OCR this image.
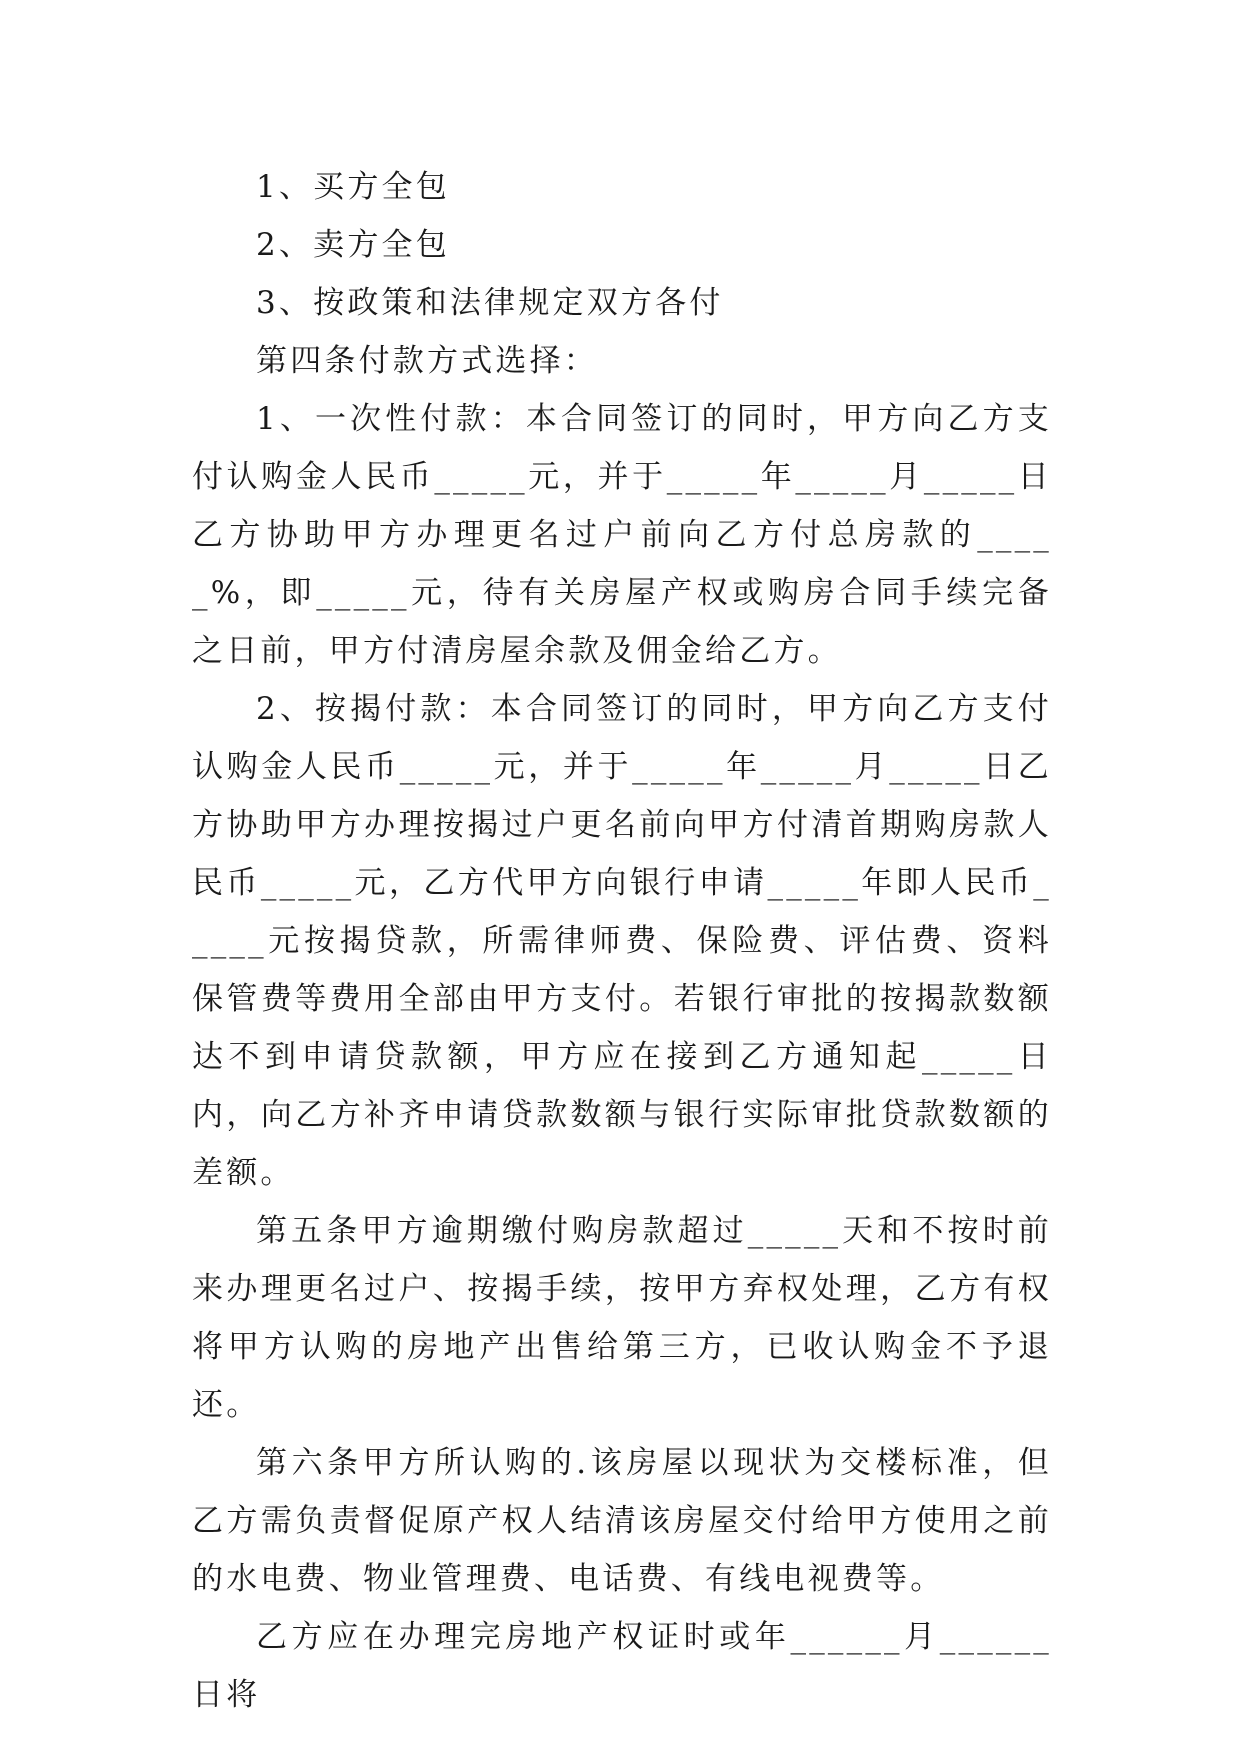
1、买方全包

2、卖方全包

3、按政策和法律规定双方各付

第四条付款方式选择：

1、一次性付款：本合同签订的同时，甲方向乙方支付认购金人民币_____元，并于_____年_____月_____日乙方协助甲方办理更名过户前向乙方付总房款的_____%，即_____元，待有关房屋产权或购房合同手续完备之日前，甲方付清房屋余款及佣金给乙方。

2、按揭付款：本合同签订的同时，甲方向乙方支付认购金人民币_____元，并于_____年_____月_____日乙方协助甲方办理按揭过户更名前向甲方付清首期购房款人民币_____元，乙方代甲方向银行申请_____年即人民币_____元按揭贷款，所需律师费、保险费、评估费、资料保管费等费用全部由甲方支付。若银行审批的按揭款数额达不到申请贷款额，甲方应在接到乙方通知起_____日内，向乙方补齐申请贷款数额与银行实际审批贷款数额的差额。

第五条甲方逾期缴付购房款超过_____天和不按时前来办理更名过户、按揭手续，按甲方弃权处理，乙方有权将甲方认购的房地产出售给第三方，已收认购金不予退还。

第六条甲方所认购的.该房屋以现状为交楼标准，但乙方需负责督促原产权人结清该房屋交付给甲方使用之前的水电费、物业管理费、电话费、有线电视费等。

乙方应在办理完房地产权证时或年______月______日将
